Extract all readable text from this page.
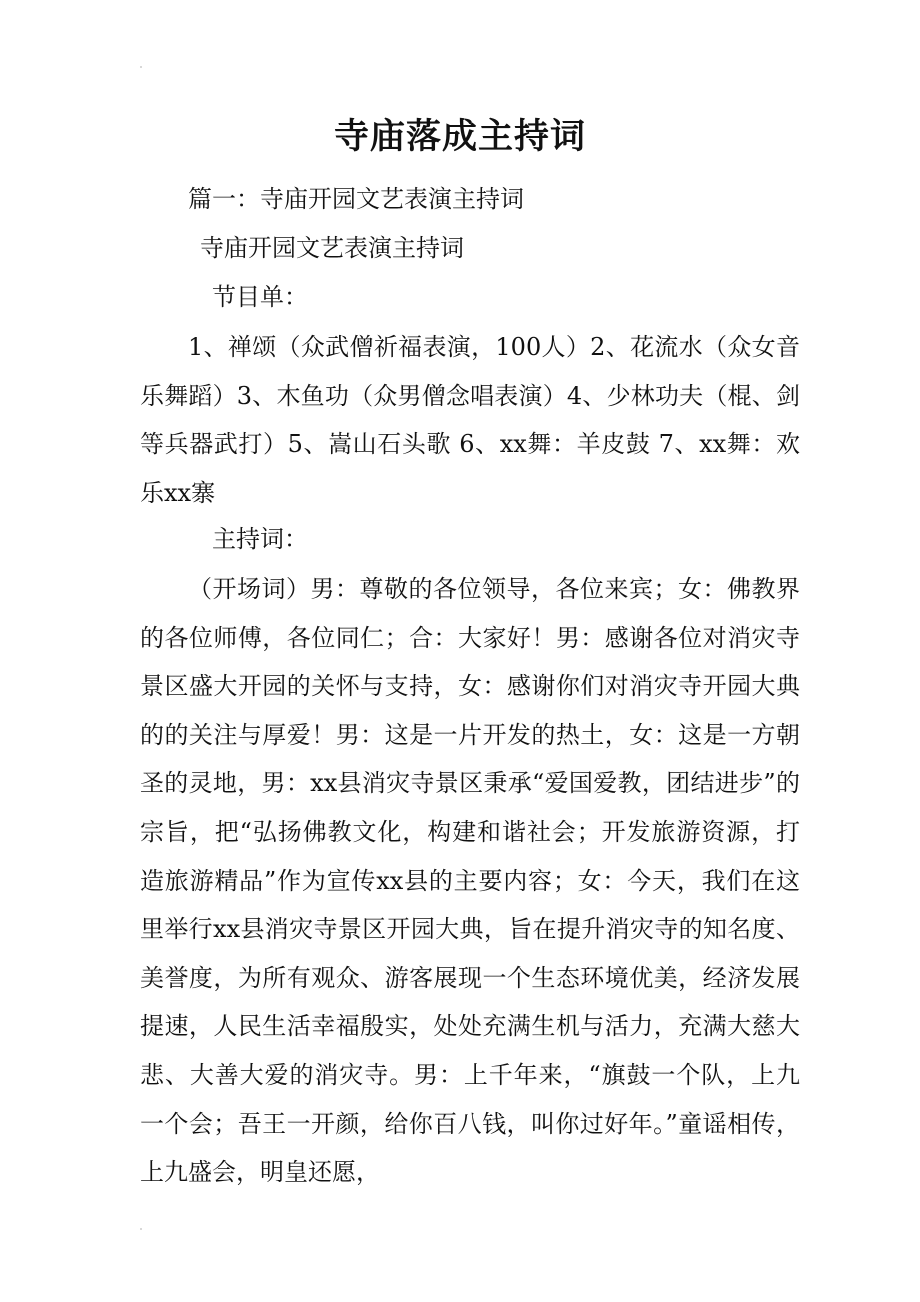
寺庙落成主持词
篇一：寺庙开园文艺表演主持词
寺庙开园文艺表演主持词
节目单：
1、禅颂（众武僧祈福表演，100人）2、花流水（众女音乐舞蹈）3、木鱼功（众男僧念唱表演）4、少林功夫（棍、剑等兵器武打）5、嵩山石头歌 6、xx舞：羊皮鼓 7、xx舞：欢乐xx寨
主持词：
（开场词）男：尊敬的各位领导，各位来宾；女：佛教界的各位师傅，各位同仁；合：大家好！男：感谢各位对消灾寺景区盛大开园的关怀与支持，女：感谢你们对消灾寺开园大典的的关注与厚爱！男：这是一片开发的热土，女：这是一方朝圣的灵地，男：xx县消灾寺景区秉承“爱国爱教，团结进步”的宗旨，把“弘扬佛教文化，构建和谐社会；开发旅游资源，打造旅游精品”作为宣传xx县的主要内容；女：今天，我们在这里举行xx县消灾寺景区开园大典，旨在提升消灾寺的知名度、美誉度，为所有观众、游客展现一个生态环境优美，经济发展提速，人民生活幸福殷实，处处充满生机与活力，充满大慈大悲、大善大爱的消灾寺。男：上千年来，“旗鼓一个队，上九一个会；吾王一开颜，给你百八钱，叫你过好年。”童谣相传，上九盛会，明皇还愿，
